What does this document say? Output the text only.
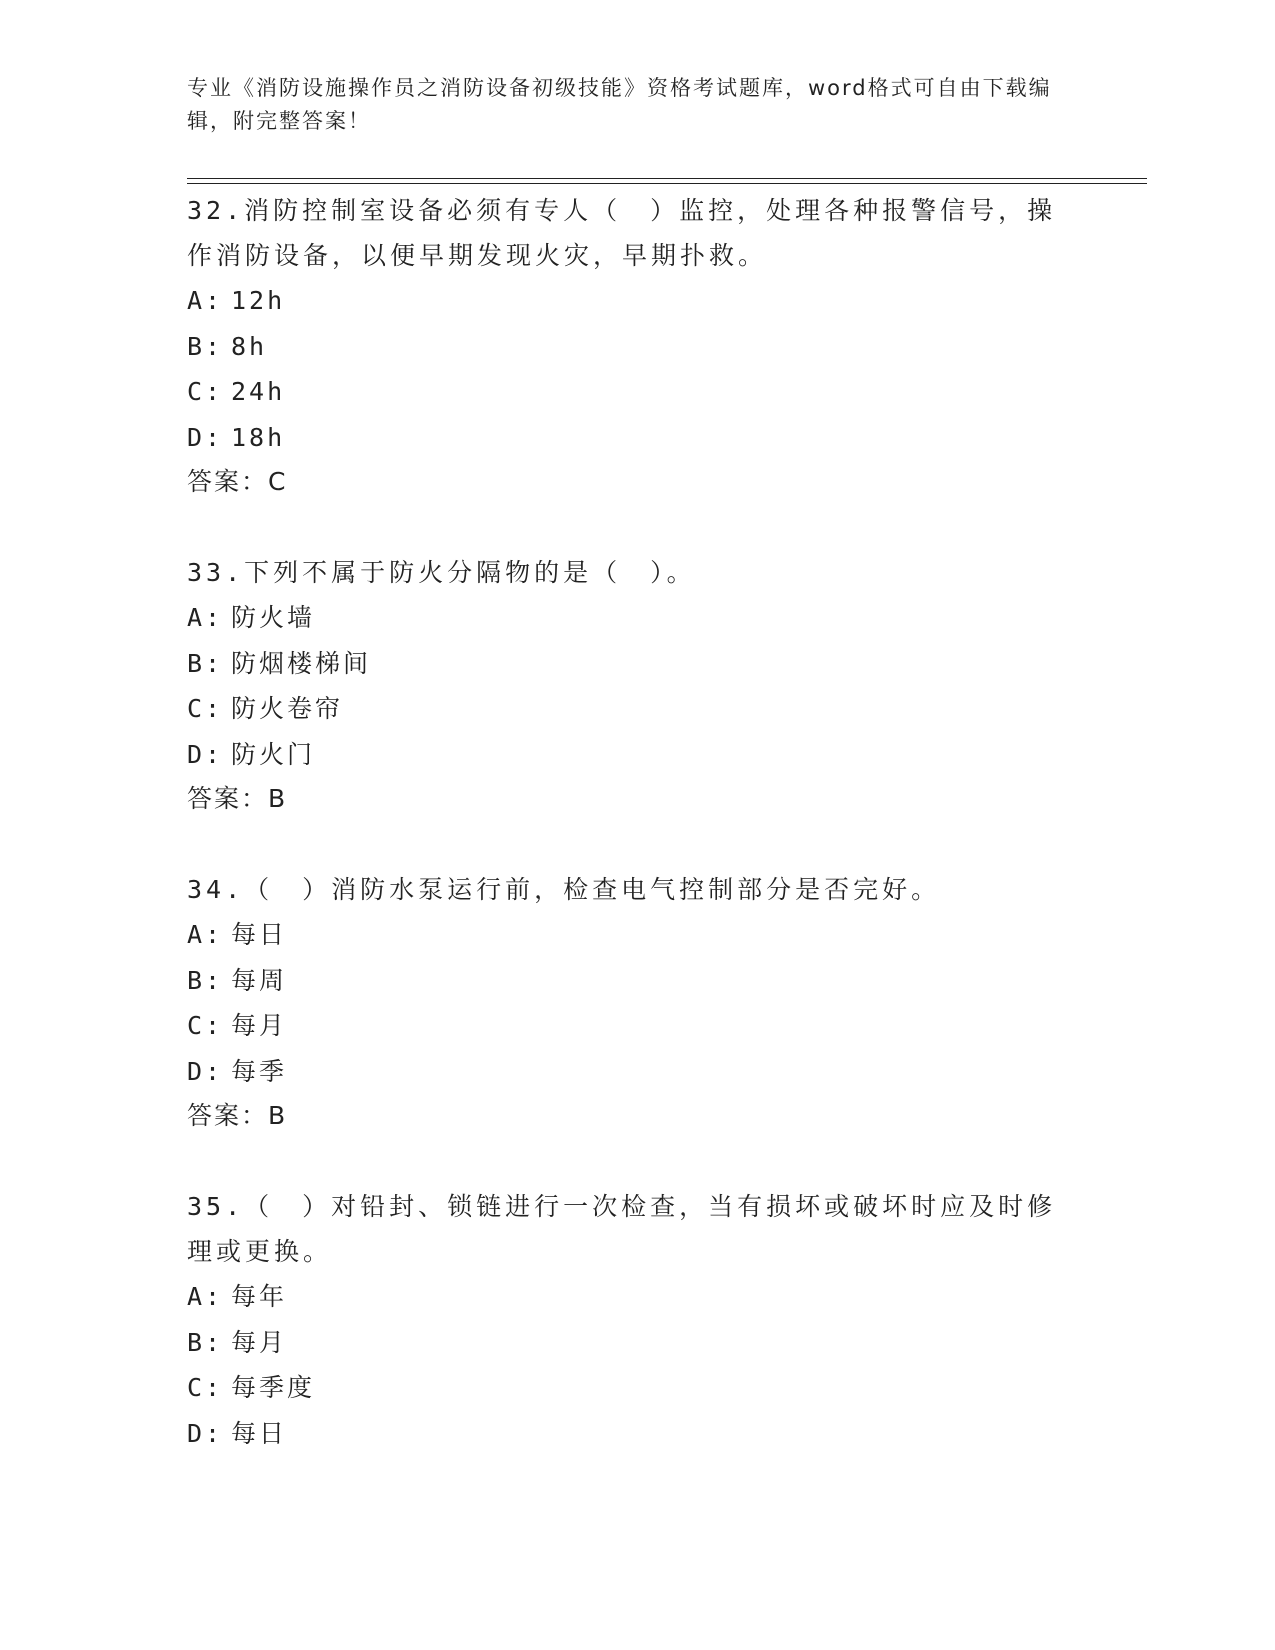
专业《消防设施操作员之消防设备初级技能》资格考试题库，word格式可自由下载编辑，附完整答案！

32.消防控制室设备必须有专人（　）监控，处理各种报警信号，操作消防设备，以便早期发现火灾，早期扑救。

A: 12h
B: 8h
C: 24h
D: 18h

答案：C

33.下列不属于防火分隔物的是（　）。

A: 防火墙
B: 防烟楼梯间
C: 防火卷帘
D: 防火门

答案：B

34.（　）消防水泵运行前，检查电气控制部分是否完好。

A: 每日
B: 每周
C: 每月
D: 每季

答案：B

35.（　）对铅封、锁链进行一次检查，当有损坏或破坏时应及时修理或更换。

A: 每年
B: 每月
C: 每季度
D: 每日
